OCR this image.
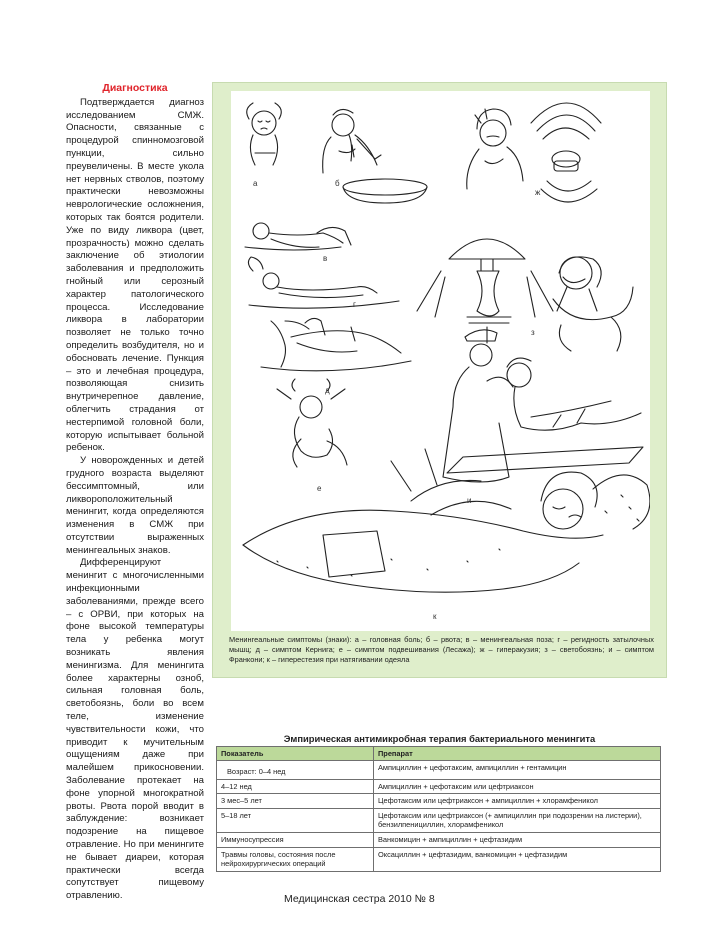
Диагностика

Подтверждается диагноз исследованием СМЖ. Опасности, связанные с процедурой спинномозговой пункции, сильно преувеличены. В месте укола нет нервных стволов, поэтому практически невозможны неврологические осложнения, которых так боятся родители. Уже по виду ликвора (цвет, прозрачность) можно сделать заключение об этиологии заболевания и предположить гнойный или серозный характер патологического процесса. Исследование ликвора в лаборатории позволяет не только точно определить возбудителя, но и обосновать лечение. Пункция – это и лечебная процедура, позволяющая снизить внутричерепное давление, облегчить страдания от нестерпимой головной боли, которую испытывает больной ребенок.

У новорожденных и детей грудного возраста выделяют бессимптомный, или ликвороположительный менингит, когда определяются изменения в СМЖ при отсутствии выраженных менингеальных знаков.

Дифференцируют менингит с многочисленными инфекционными заболеваниями, прежде всего – с ОРВИ, при которых на фоне высокой температуры тела у ребенка могут возникать явления менингизма. Для менингита более характерны озноб, сильная головная боль, светобоязнь, боли во всем теле, изменение чувствительности кожи, что приводит к мучительным ощущениям даже при малейшем прикосновении. Заболевание протекает на фоне упорной многократной рвоты. Рвота порой вводит в заблуждение: возникает подозрение на пищевое отравление. Но при менингите не бывает диареи, которая практически всегда сопутствует пищевому отравлению.

а	б
в
г
д
е
ж
з
и
к
Менингеальные симптомы (знаки): а – головная боль; б – рвота; в – менингеальная поза; г – регидность затылочных мышц; д – симптом Кернига; е – симптом подвешивания (Лесажа); ж – гиперакузия; з – светобоязнь; и – симптом Франкони; к – гиперестезия при натягивании одеяла
Эмпирическая антимикробная терапия бактериального менингита
Показатель	Препарат
Возраст: 0–4 нед	Ампициллин + цефотаксим, ампициллин + гентамицин
4–12 нед	Ампициллин + цефотаксим или цефтриаксон
3 мес–5 лет	Цефотаксим или цефтриаксон + ампициллин + хлорамфеникол
5–18 лет	Цефотаксим или цефтриаксон (+ ампициллин при подозрении на листерии), бензилпенициллин, хлорамфеникол
Иммуносупрессия	Ванкомицин + ампициллин + цефтазидим
Травмы головы, состояния после нейрохирургических операций	Оксациллин + цефтазидим, ванкомицин + цефтазидим
Медицинская сестра 2010 № 8
